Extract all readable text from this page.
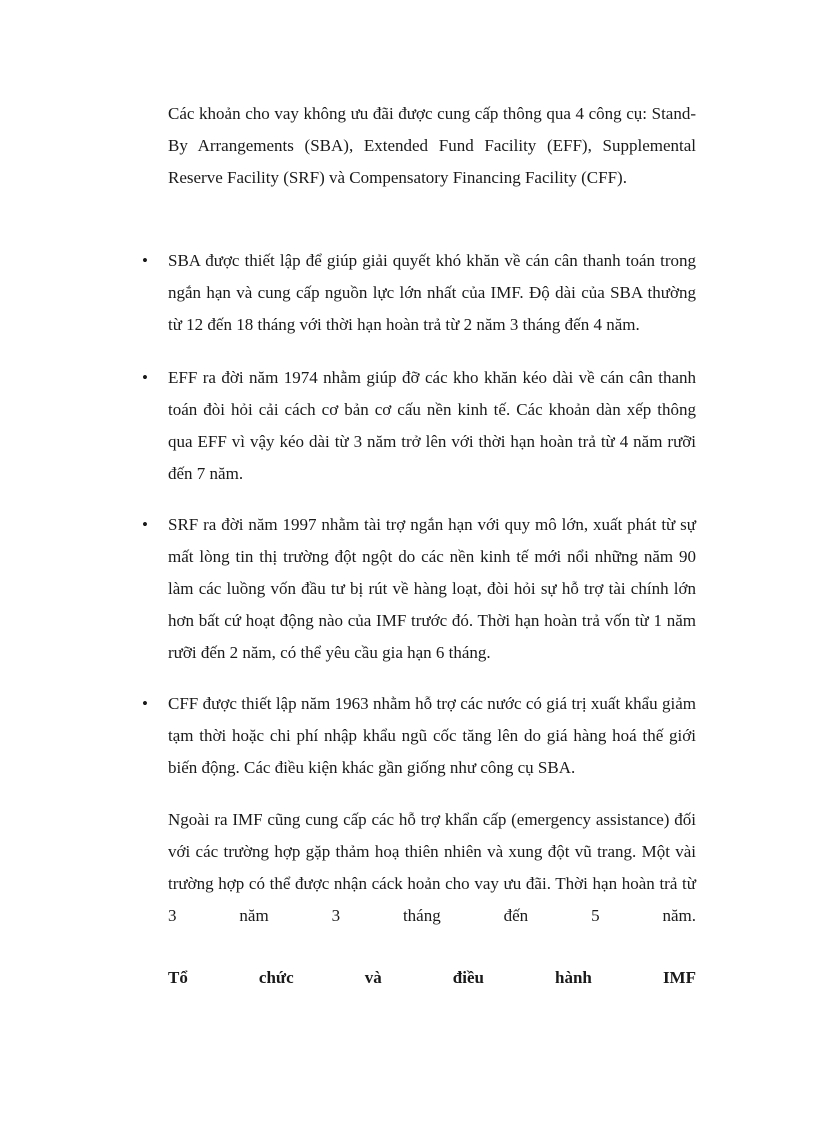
Các khoản cho vay không ưu đãi được cung cấp thông qua 4 công cụ: Stand-By Arrangements (SBA), Extended Fund Facility (EFF), Supplemental Reserve Facility (SRF) và Compensatory Financing Facility (CFF).

• SBA được thiết lập để giúp giải quyết khó khăn về cán cân thanh toán trong ngắn hạn và cung cấp nguồn lực lớn nhất của IMF. Độ dài của SBA thường từ 12 đến 18 tháng với thời hạn hoàn trả từ 2 năm 3 tháng đến 4 năm.
• EFF ra đời năm 1974 nhằm giúp đỡ các kho khăn kéo dài về cán cân thanh toán đòi hỏi cải cách cơ bản cơ cấu nền kinh tế. Các khoản dàn xếp thông qua EFF vì vậy kéo dài từ 3 năm trở lên với thời hạn hoàn trả từ 4 năm rưỡi đến 7 năm.
• SRF ra đời năm 1997 nhằm tài trợ ngắn hạn với quy mô lớn, xuất phát từ sự mất lòng tin thị trường đột ngột do các nền kinh tế mới nổi những năm 90 làm các luồng vốn đầu tư bị rút về hàng loạt, đòi hỏi sự hỗ trợ tài chính lớn hơn bất cứ hoạt động nào của IMF trước đó. Thời hạn hoàn trả vốn từ 1 năm rưỡi đến 2 năm, có thể yêu cầu gia hạn 6 tháng.
• CFF được thiết lập năm 1963 nhằm hỗ trợ các nước có giá trị xuất khẩu giảm tạm thời hoặc chi phí nhập khẩu ngũ cốc tăng lên do giá hàng hoá thế giới biến động. Các điều kiện khác gần giống như công cụ SBA.

Ngoài ra IMF cũng cung cấp các hỗ trợ khẩn cấp (emergency assistance) đối với các trường hợp gặp thảm hoạ thiên nhiên và xung đột vũ trang. Một vài trường hợp có thể được nhận cáck hoản cho vay ưu đãi. Thời hạn hoàn trả từ 3 năm 3 tháng đến 5 năm.

Tổ chức và điều hành IMF
